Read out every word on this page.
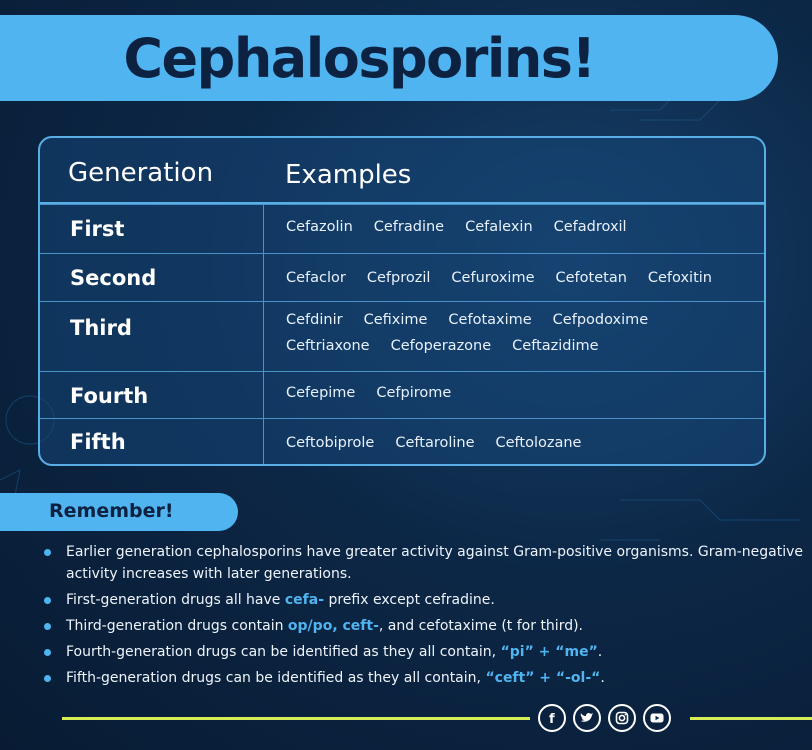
Cephalosporins!
Generation	Examples
First	Cefazolin Cefradine Cefalexin Cefadroxil
Second	Cefaclor Cefprozil Cefuroxime Cefotetan Cefoxitin
Third	Cefdinir Cefixime Cefotaxime Cefpodoxime
Ceftriaxone Cefoperazone Ceftazidime
Fourth	Cefepime Cefpirome
Fifth	Ceftobiprole Ceftaroline Ceftolozane
Remember!
Earlier generation cephalosporins have greater activity against Gram-positive organisms. Gram-negative activity increases with later generations.
First-generation drugs all have cefa- prefix except cefradine.
Third-generation drugs contain op/po, ceft-, and cefotaxime (t for third).
Fourth-generation drugs can be identified as they all contain, “pi” + “me”.
Fifth-generation drugs can be identified as they all contain, “ceft” + “-ol-“.
f
